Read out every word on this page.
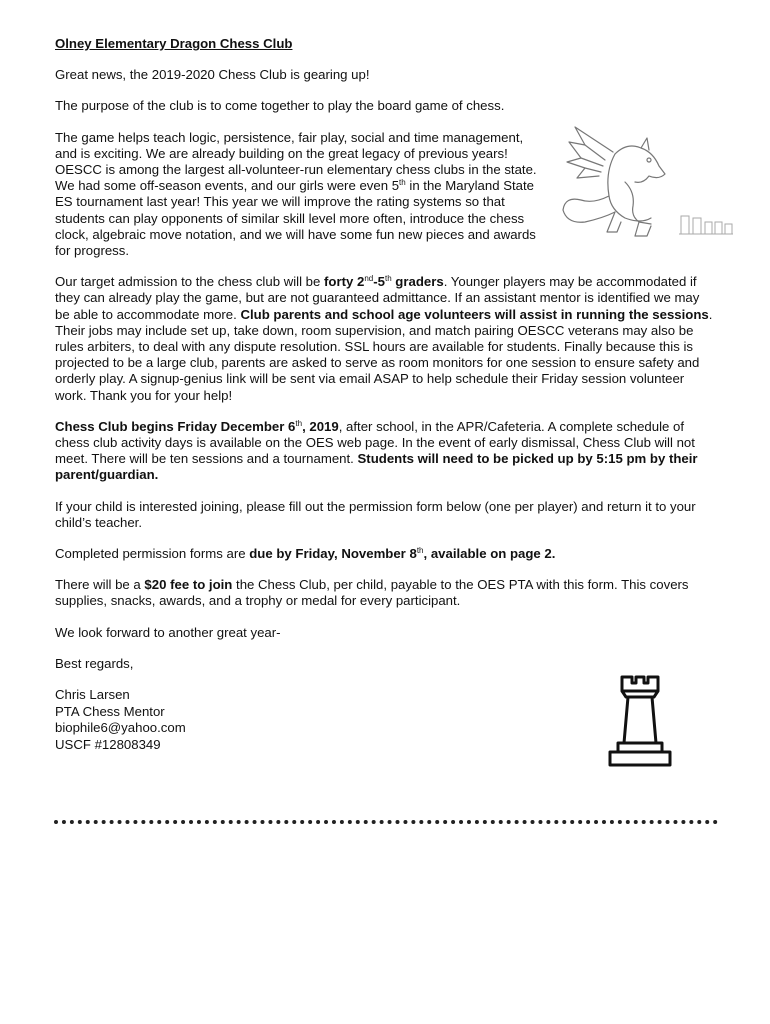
Olney Elementary Dragon Chess Club

Great news, the 2019-2020 Chess Club is gearing up!

The purpose of the club is to come together to play the board game of chess.

The game helps teach logic, persistence, fair play, social and time management, and is exciting. We are already building on the great legacy of previous years! OESCC is among the largest all-volunteer-run elementary chess clubs in the state. We had some off-season events, and our girls were even 5th in the Maryland State ES tournament last year! This year we will improve the rating systems so that students can play opponents of similar skill level more often, introduce the chess clock, algebraic move notation, and we will have some fun new pieces and awards for progress.

Our target admission to the chess club will be forty 2nd-5th graders. Younger players may be accommodated if they can already play the game, but are not guaranteed admittance. If an assistant mentor is identified we may be able to accommodate more. Club parents and school age volunteers will assist in running the sessions. Their jobs may include set up, take down, room supervision, and match pairing OESCC veterans may also be rules arbiters, to deal with any dispute resolution. SSL hours are available for students. Finally because this is projected to be a large club, parents are asked to serve as room monitors for one session to ensure safety and orderly play. A signup-genius link will be sent via email ASAP to help schedule their Friday session volunteer work. Thank you for your help!

Chess Club begins Friday December 6th, 2019, after school, in the APR/Cafeteria. A complete schedule of chess club activity days is available on the OES web page. In the event of early dismissal, Chess Club will not meet. There will be ten sessions and a tournament. Students will need to be picked up by 5:15 pm by their parent/guardian.

If your child is interested joining, please fill out the permission form below (one per player) and return it to your child’s teacher.

Completed permission forms are due by Friday, November 8th, available on page 2.

There will be a $20 fee to join the Chess Club, per child, payable to the OES PTA with this form. This covers supplies, snacks, awards, and a trophy or medal for every participant.

We look forward to another great year-

Best regards,

Chris Larsen
PTA Chess Mentor
biophile6@yahoo.com
USCF #12808349
